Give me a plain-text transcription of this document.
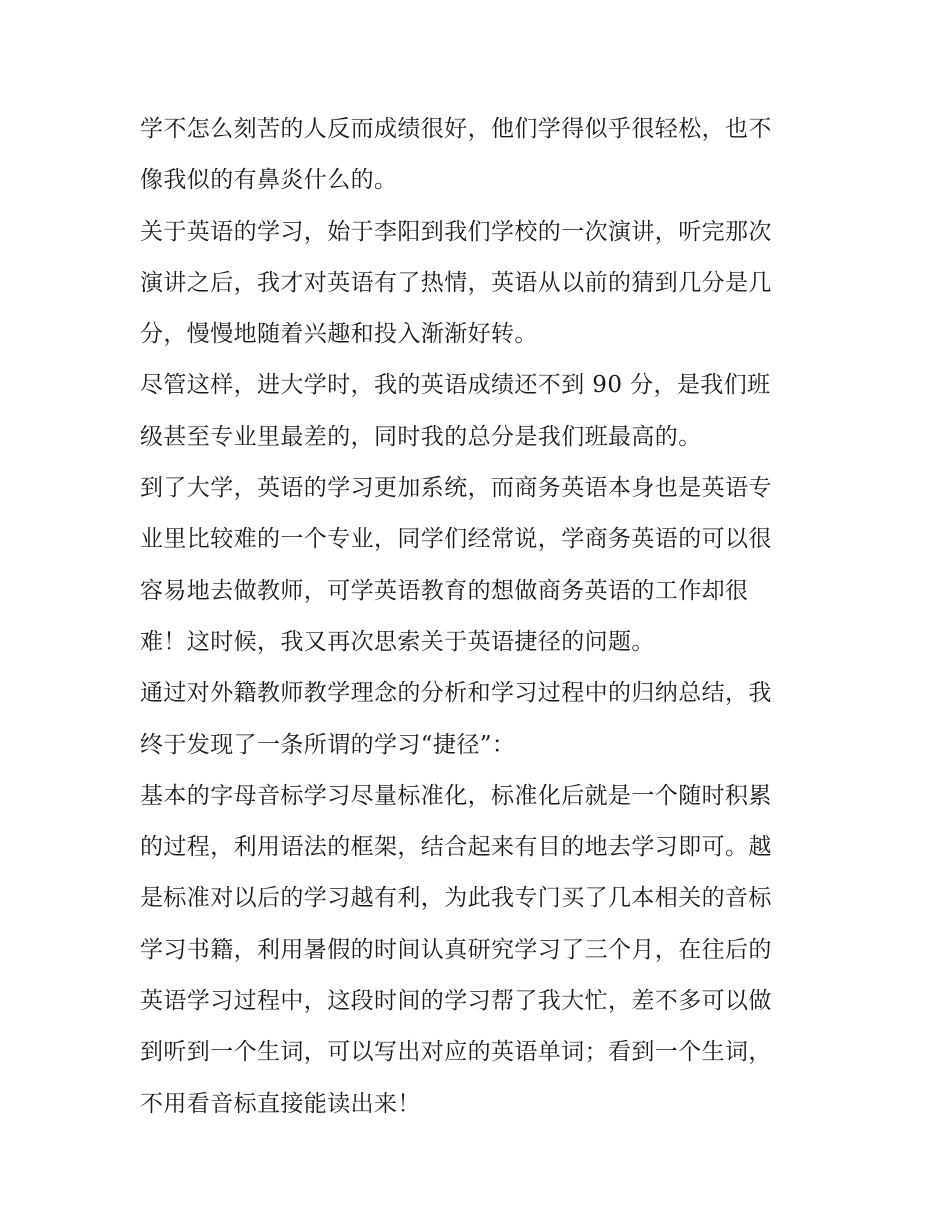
学不怎么刻苦的人反而成绩很好，他们学得似乎很轻松，也不
像我似的有鼻炎什么的。
关于英语的学习，始于李阳到我们学校的一次演讲，听完那次
演讲之后，我才对英语有了热情，英语从以前的猜到几分是几
分，慢慢地随着兴趣和投入渐渐好转。
尽管这样，进大学时，我的英语成绩还不到 90 分，是我们班
级甚至专业里最差的，同时我的总分是我们班最高的。
到了大学，英语的学习更加系统，而商务英语本身也是英语专
业里比较难的一个专业，同学们经常说，学商务英语的可以很
容易地去做教师，可学英语教育的想做商务英语的工作却很
难！这时候，我又再次思索关于英语捷径的问题。
通过对外籍教师教学理念的分析和学习过程中的归纳总结，我
终于发现了一条所谓的学习“捷径”：
基本的字母音标学习尽量标准化，标准化后就是一个随时积累
的过程，利用语法的框架，结合起来有目的地去学习即可。越
是标准对以后的学习越有利，为此我专门买了几本相关的音标
学习书籍，利用暑假的时间认真研究学习了三个月，在往后的
英语学习过程中，这段时间的学习帮了我大忙，差不多可以做
到听到一个生词，可以写出对应的英语单词；看到一个生词，
不用看音标直接能读出来！
